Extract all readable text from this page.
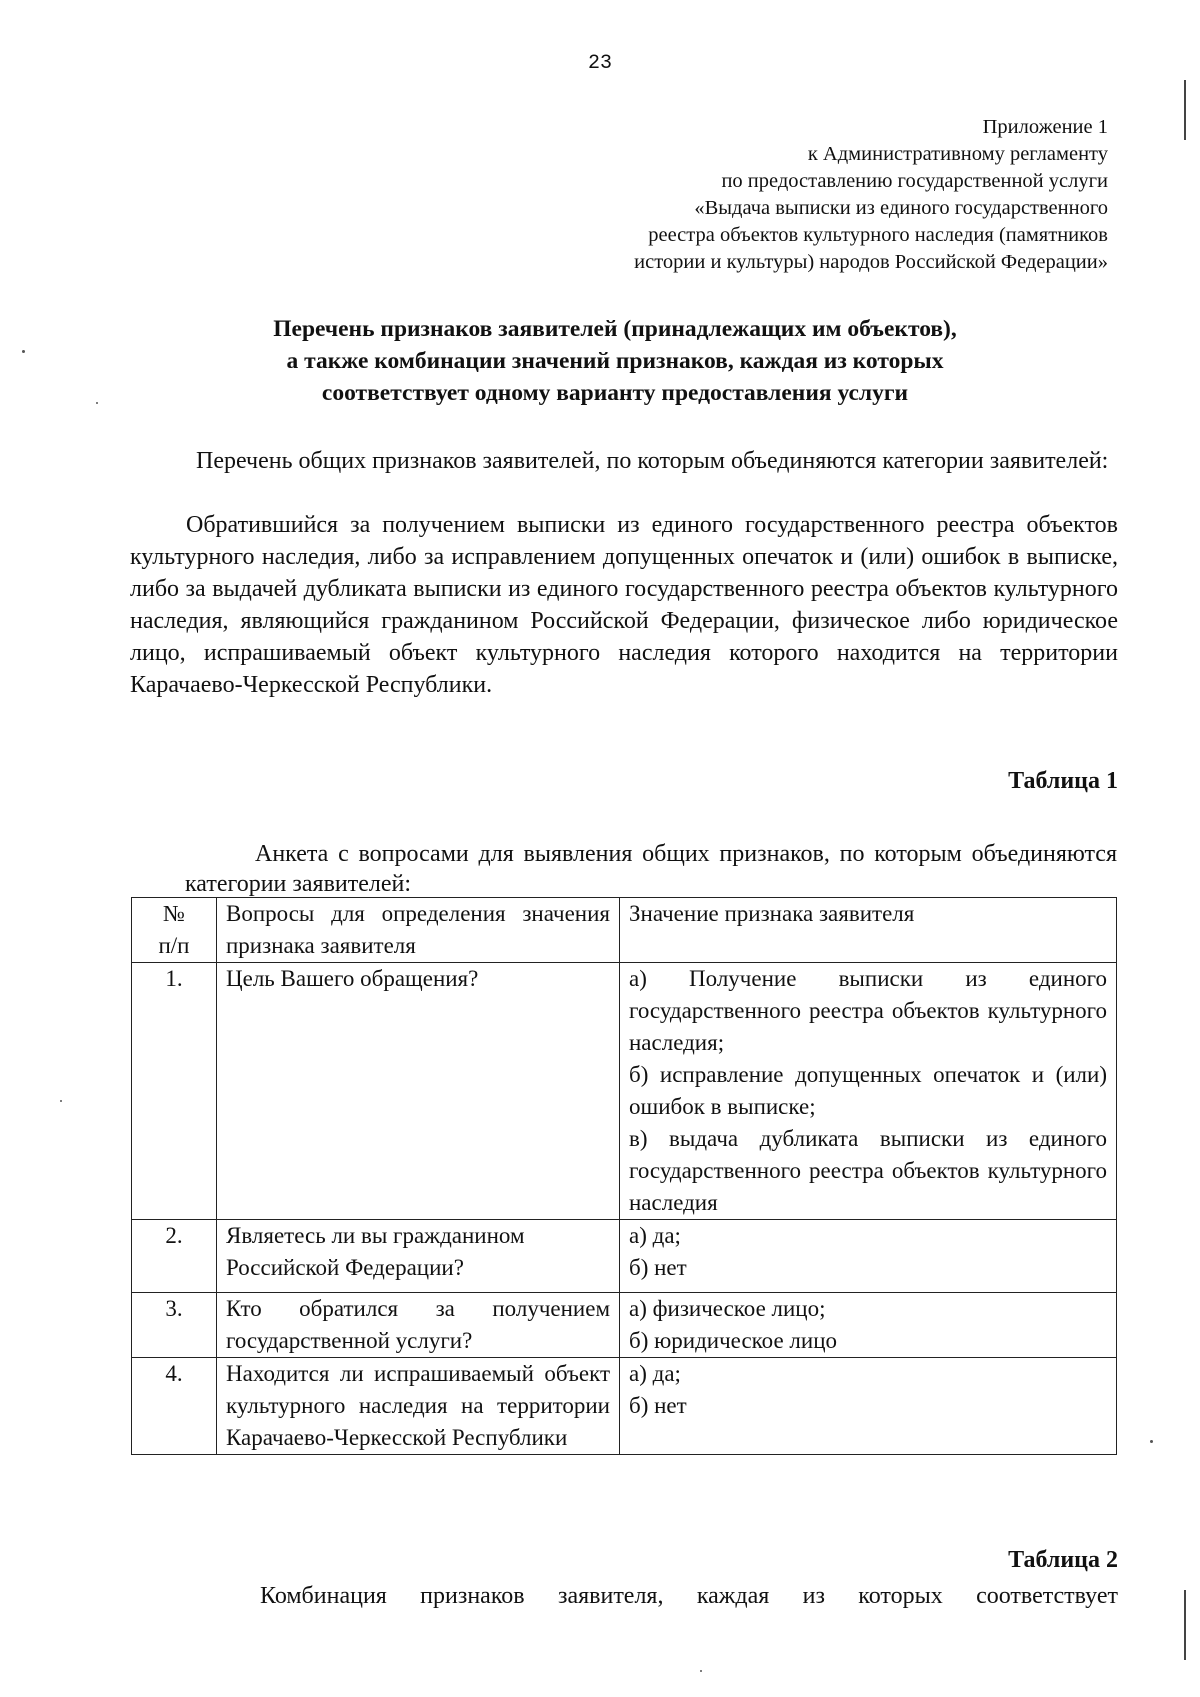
23
Приложение 1
к Административному регламенту
по предоставлению государственной услуги
«Выдача выписки из единого государственного
реестра объектов культурного наследия (памятников
истории и культуры) народов Российской Федерации»
Перечень признаков заявителей (принадлежащих им объектов),
а также комбинации значений признаков, каждая из которых
соответствует одному варианту предоставления услуги

Перечень общих признаков заявителей, по которым объединяются категории заявителей:

Обратившийся за получением выписки из единого государственного реестра объектов культурного наследия, либо за исправлением допущенных опечаток и (или) ошибок в выписке, либо за выдачей дубликата выписки из единого государственного реестра объектов культурного наследия, являющийся гражданином Российской Федерации, физическое либо юридическое лицо, испрашиваемый объект культурного наследия которого находится на территории Карачаево-Черкесской Республики.

Таблица 1

Анкета с вопросами для выявления общих признаков, по которым объединяются категории заявителей:

№
п/п	Вопросы для определения значения признака заявителя	Значение признака заявителя
1.	Цель Вашего обращения?	а) Получение выписки из единого государственного реестра объектов культурного наследия;
б) исправление допущенных опечаток и (или) ошибок в выписке;
в) выдача дубликата выписки из единого государственного реестра объектов культурного наследия

2.	Являетесь ли вы гражданином Российской Федерации?	а) да;
б) нет

3.	Кто обратился за получением государственной услуги?	а) физическое лицо;
б) юридическое лицо

4.	Находится ли испрашиваемый объект культурного наследия на территории Карачаево-Черкесской Республики	а) да;
б) нет
Таблица 2

Комбинация признаков заявителя, каждая из которых соответствует
